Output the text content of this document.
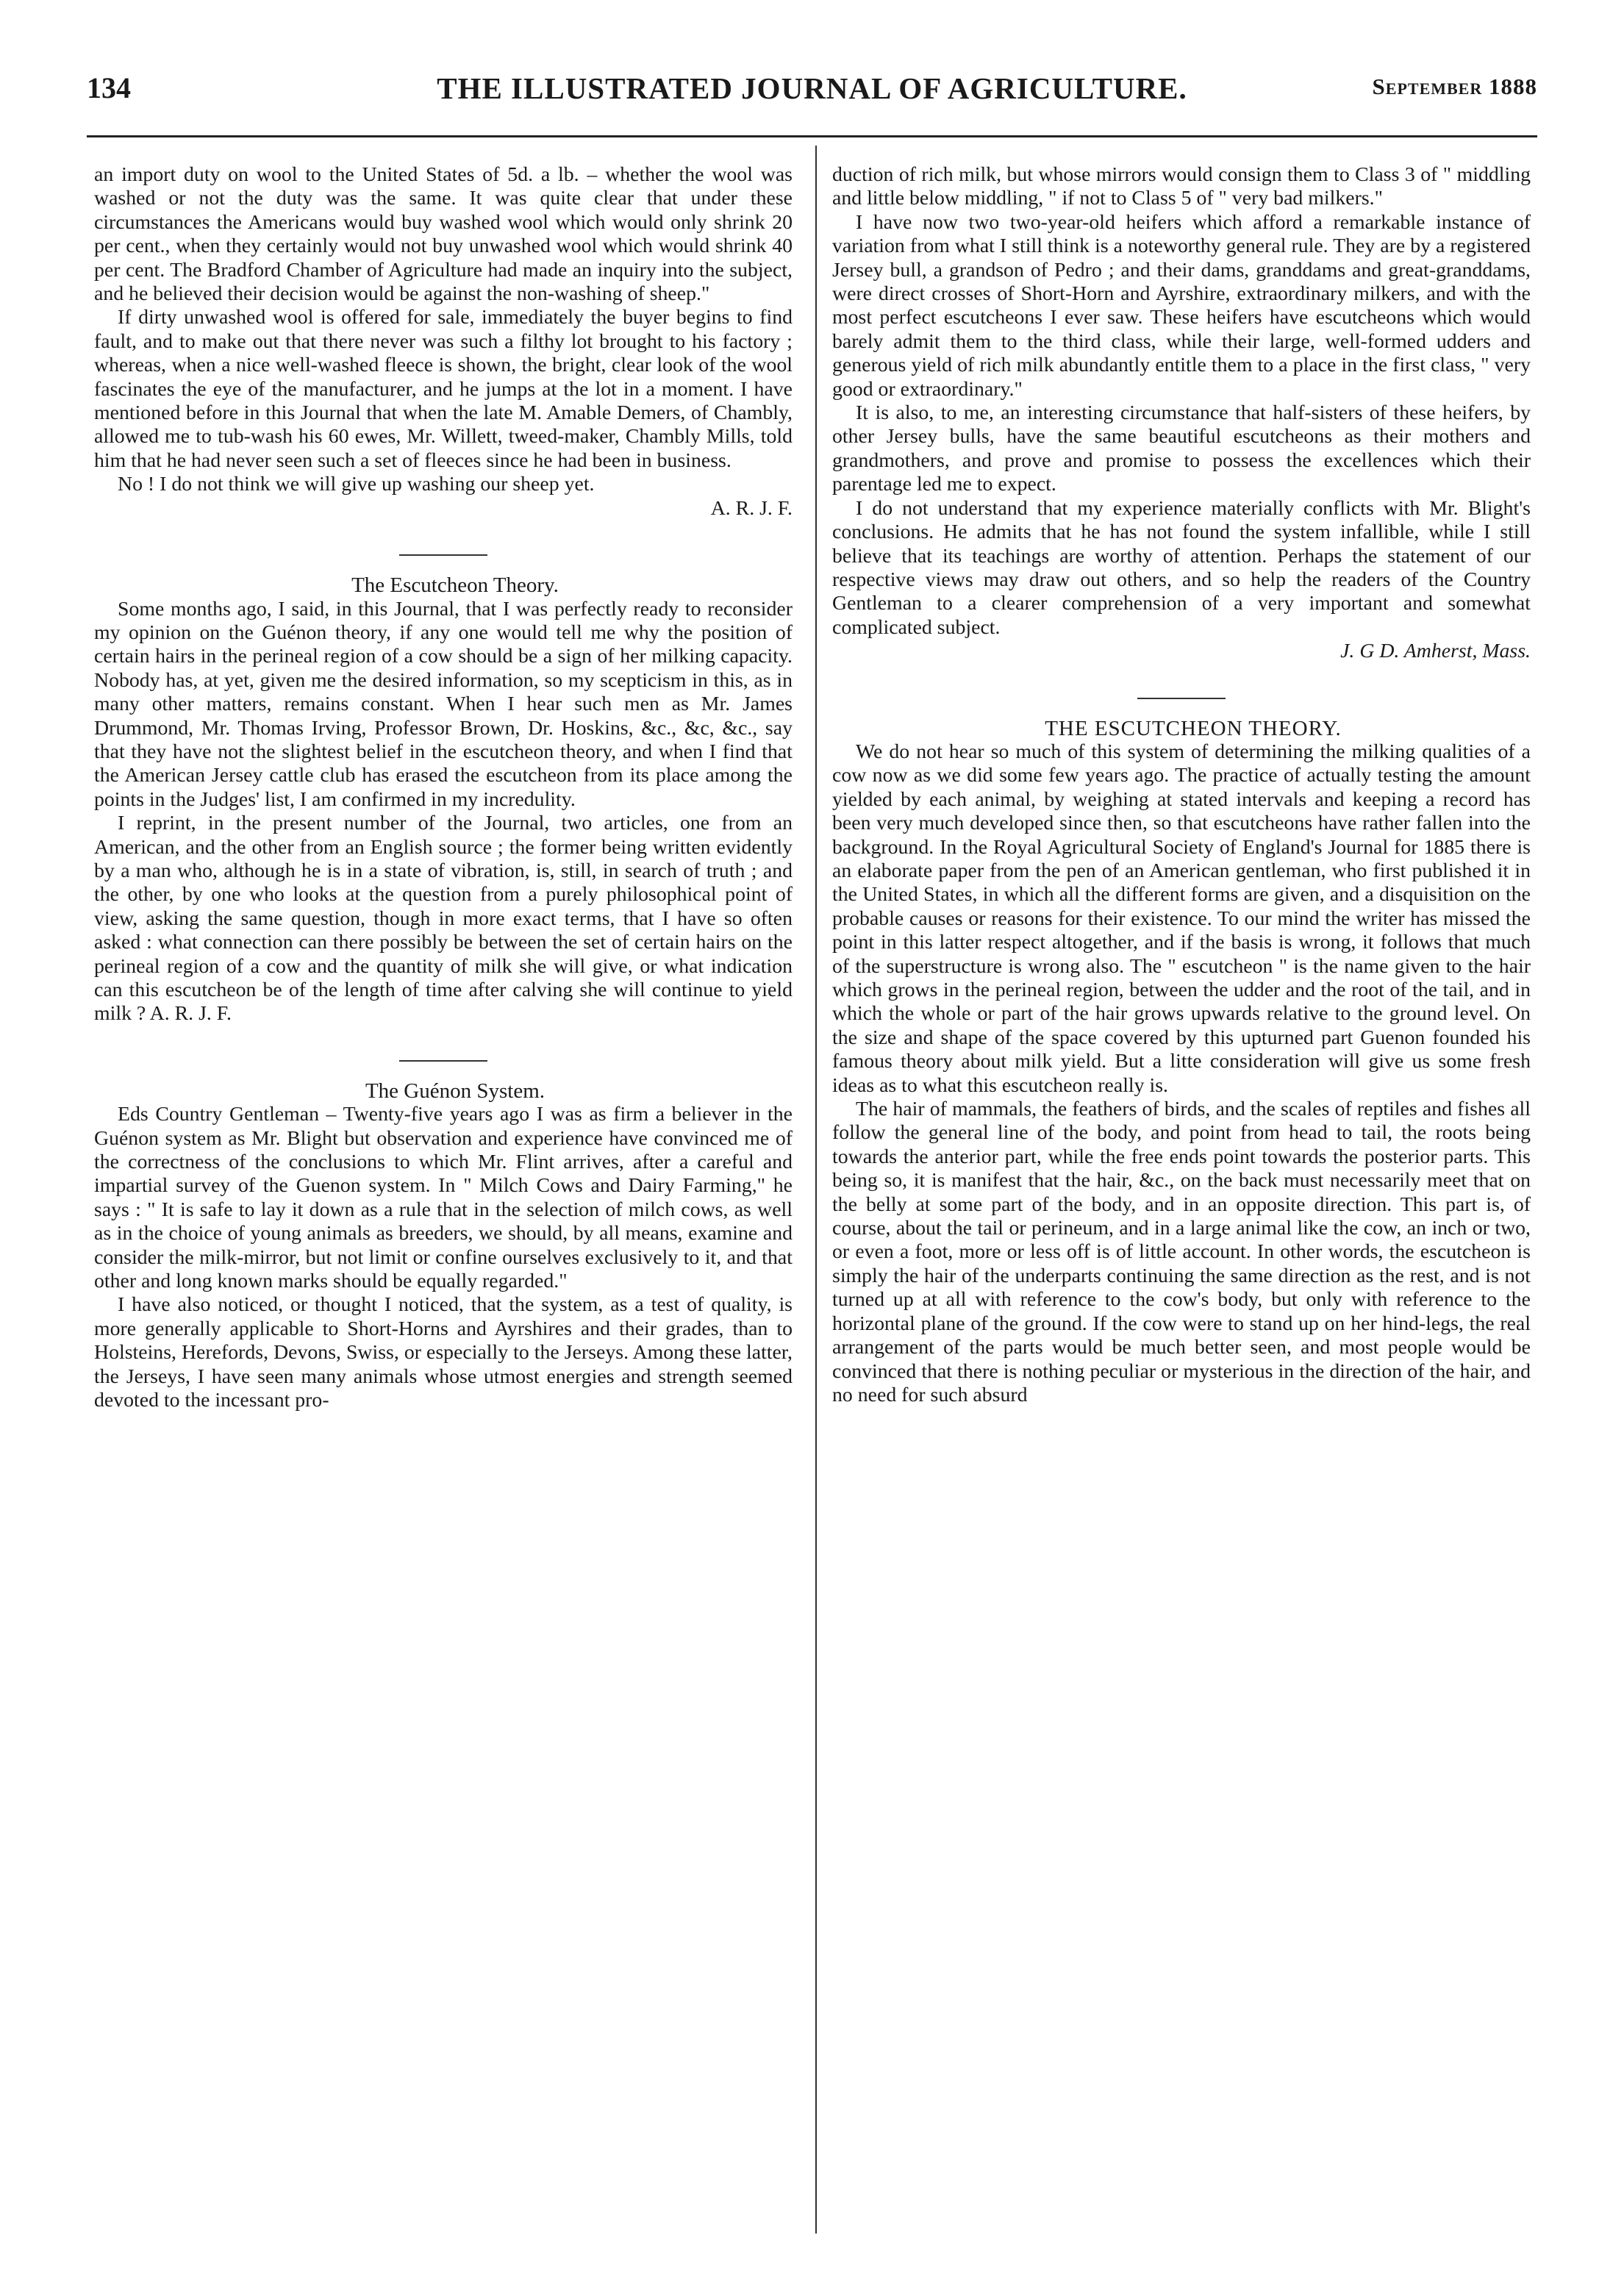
134	THE ILLUSTRATED JOURNAL OF AGRICULTURE.	September 1888

an import duty on wool to the United States of 5d. a lb. – whether the wool was washed or not the duty was the same. It was quite clear that under these circumstances the Americans would buy washed wool which would only shrink 20 per cent., when they certainly would not buy unwashed wool which would shrink 40 per cent. The Bradford Chamber of Agriculture had made an inquiry into the subject, and he believed their decision would be against the non-washing of sheep."

If dirty unwashed wool is offered for sale, immediately the buyer begins to find fault, and to make out that there never was such a filthy lot brought to his factory ; whereas, when a nice well-washed fleece is shown, the bright, clear look of the wool fascinates the eye of the manufacturer, and he jumps at the lot in a moment. I have mentioned before in this Journal that when the late M. Amable Demers, of Chambly, allowed me to tub-wash his 60 ewes, Mr. Willett, tweed-maker, Chambly Mills, told him that he had never seen such a set of fleeces since he had been in business.

No ! I do not think we will give up washing our sheep yet.

A. R. J. F.

The Escutcheon Theory.

Some months ago, I said, in this Journal, that I was perfectly ready to reconsider my opinion on the Guénon theory, if any one would tell me why the position of certain hairs in the perineal region of a cow should be a sign of her milking capacity. Nobody has, at yet, given me the desired information, so my scepticism in this, as in many other matters, remains constant. When I hear such men as Mr. James Drummond, Mr. Thomas Irving, Professor Brown, Dr. Hoskins, &c., &c, &c., say that they have not the slightest belief in the escutcheon theory, and when I find that the American Jersey cattle club has erased the escutcheon from its place among the points in the Judges' list, I am confirmed in my incredulity.

I reprint, in the present number of the Journal, two articles, one from an American, and the other from an English source ; the former being written evidently by a man who, although he is in a state of vibration, is, still, in search of truth ; and the other, by one who looks at the question from a purely philosophical point of view, asking the same question, though in more exact terms, that I have so often asked : what connection can there possibly be between the set of certain hairs on the perineal region of a cow and the quantity of milk she will give, or what indication can this escutcheon be of the length of time after calving she will continue to yield milk ? A. R. J. F.

The Guénon System.

Eds Country Gentleman – Twenty-five years ago I was as firm a believer in the Guénon system as Mr. Blight but observation and experience have convinced me of the correctness of the conclusions to which Mr. Flint arrives, after a careful and impartial survey of the Guenon system. In " Milch Cows and Dairy Farming," he says : " It is safe to lay it down as a rule that in the selection of milch cows, as well as in the choice of young animals as breeders, we should, by all means, examine and consider the milk-mirror, but not limit or confine ourselves exclusively to it, and that other and long known marks should be equally regarded."

I have also noticed, or thought I noticed, that the system, as a test of quality, is more generally applicable to Short-Horns and Ayrshires and their grades, than to Holsteins, Herefords, Devons, Swiss, or especially to the Jerseys. Among these latter, the Jerseys, I have seen many animals whose utmost energies and strength seemed devoted to the incessant pro-

duction of rich milk, but whose mirrors would consign them to Class 3 of " middling and little below middling, " if not to Class 5 of " very bad milkers."

I have now two two-year-old heifers which afford a remarkable instance of variation from what I still think is a noteworthy general rule. They are by a registered Jersey bull, a grandson of Pedro ; and their dams, granddams and great-granddams, were direct crosses of Short-Horn and Ayrshire, extraordinary milkers, and with the most perfect escutcheons I ever saw. These heifers have escutcheons which would barely admit them to the third class, while their large, well-formed udders and generous yield of rich milk abundantly entitle them to a place in the first class, " very good or extraordinary."

It is also, to me, an interesting circumstance that half-sisters of these heifers, by other Jersey bulls, have the same beautiful escutcheons as their mothers and grandmothers, and prove and promise to possess the excellences which their parentage led me to expect.

I do not understand that my experience materially conflicts with Mr. Blight's conclusions. He admits that he has not found the system infallible, while I still believe that its teachings are worthy of attention. Perhaps the statement of our respective views may draw out others, and so help the readers of the Country Gentleman to a clearer comprehension of a very important and somewhat complicated subject.

J. G D. Amherst, Mass.

THE ESCUTCHEON THEORY.

We do not hear so much of this system of determining the milking qualities of a cow now as we did some few years ago. The practice of actually testing the amount yielded by each animal, by weighing at stated intervals and keeping a record has been very much developed since then, so that escutcheons have rather fallen into the background. In the Royal Agricultural Society of England's Journal for 1885 there is an elaborate paper from the pen of an American gentleman, who first published it in the United States, in which all the different forms are given, and a disquisition on the probable causes or reasons for their existence. To our mind the writer has missed the point in this latter respect altogether, and if the basis is wrong, it follows that much of the superstructure is wrong also. The " escutcheon " is the name given to the hair which grows in the perineal region, between the udder and the root of the tail, and in which the whole or part of the hair grows upwards relative to the ground level. On the size and shape of the space covered by this upturned part Guenon founded his famous theory about milk yield. But a litte consideration will give us some fresh ideas as to what this escutcheon really is.

The hair of mammals, the feathers of birds, and the scales of reptiles and fishes all follow the general line of the body, and point from head to tail, the roots being towards the anterior part, while the free ends point towards the posterior parts. This being so, it is manifest that the hair, &c., on the back must necessarily meet that on the belly at some part of the body, and in an opposite direction. This part is, of course, about the tail or perineum, and in a large animal like the cow, an inch or two, or even a foot, more or less off is of little account. In other words, the escutcheon is simply the hair of the underparts continuing the same direction as the rest, and is not turned up at all with reference to the cow's body, but only with reference to the horizontal plane of the ground. If the cow were to stand up on her hind-legs, the real arrangement of the parts would be much better seen, and most people would be convinced that there is nothing peculiar or mysterious in the direction of the hair, and no need for such absurd
